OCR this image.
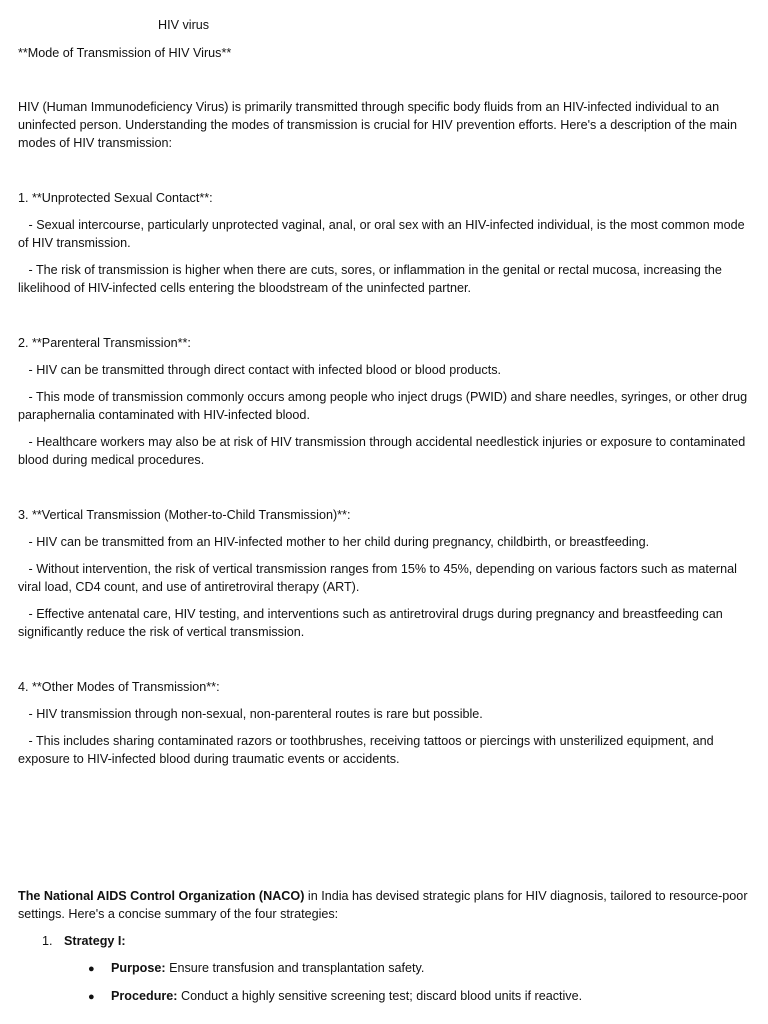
HIV virus

**Mode of Transmission of HIV Virus**

HIV (Human Immunodeficiency Virus) is primarily transmitted through specific body fluids from an HIV-infected individual to an uninfected person. Understanding the modes of transmission is crucial for HIV prevention efforts. Here's a description of the main modes of HIV transmission:

1. **Unprotected Sexual Contact**:

- Sexual intercourse, particularly unprotected vaginal, anal, or oral sex with an HIV-infected individual, is the most common mode of HIV transmission.

- The risk of transmission is higher when there are cuts, sores, or inflammation in the genital or rectal mucosa, increasing the likelihood of HIV-infected cells entering the bloodstream of the uninfected partner.

2. **Parenteral Transmission**:

- HIV can be transmitted through direct contact with infected blood or blood products.

- This mode of transmission commonly occurs among people who inject drugs (PWID) and share needles, syringes, or other drug paraphernalia contaminated with HIV-infected blood.

- Healthcare workers may also be at risk of HIV transmission through accidental needlestick injuries or exposure to contaminated blood during medical procedures.

3. **Vertical Transmission (Mother-to-Child Transmission)**:

- HIV can be transmitted from an HIV-infected mother to her child during pregnancy, childbirth, or breastfeeding.

- Without intervention, the risk of vertical transmission ranges from 15% to 45%, depending on various factors such as maternal viral load, CD4 count, and use of antiretroviral therapy (ART).

- Effective antenatal care, HIV testing, and interventions such as antiretroviral drugs during pregnancy and breastfeeding can significantly reduce the risk of vertical transmission.

4. **Other Modes of Transmission**:

- HIV transmission through non-sexual, non-parenteral routes is rare but possible.

- This includes sharing contaminated razors or toothbrushes, receiving tattoos or piercings with unsterilized equipment, and exposure to HIV-infected blood during traumatic events or accidents.

The National AIDS Control Organization (NACO) in India has devised strategic plans for HIV diagnosis, tailored to resource-poor settings. Here's a concise summary of the four strategies:

1. Strategy I:
● Purpose: Ensure transfusion and transplantation safety.
● Procedure: Conduct a highly sensitive screening test; discard blood units if reactive.
